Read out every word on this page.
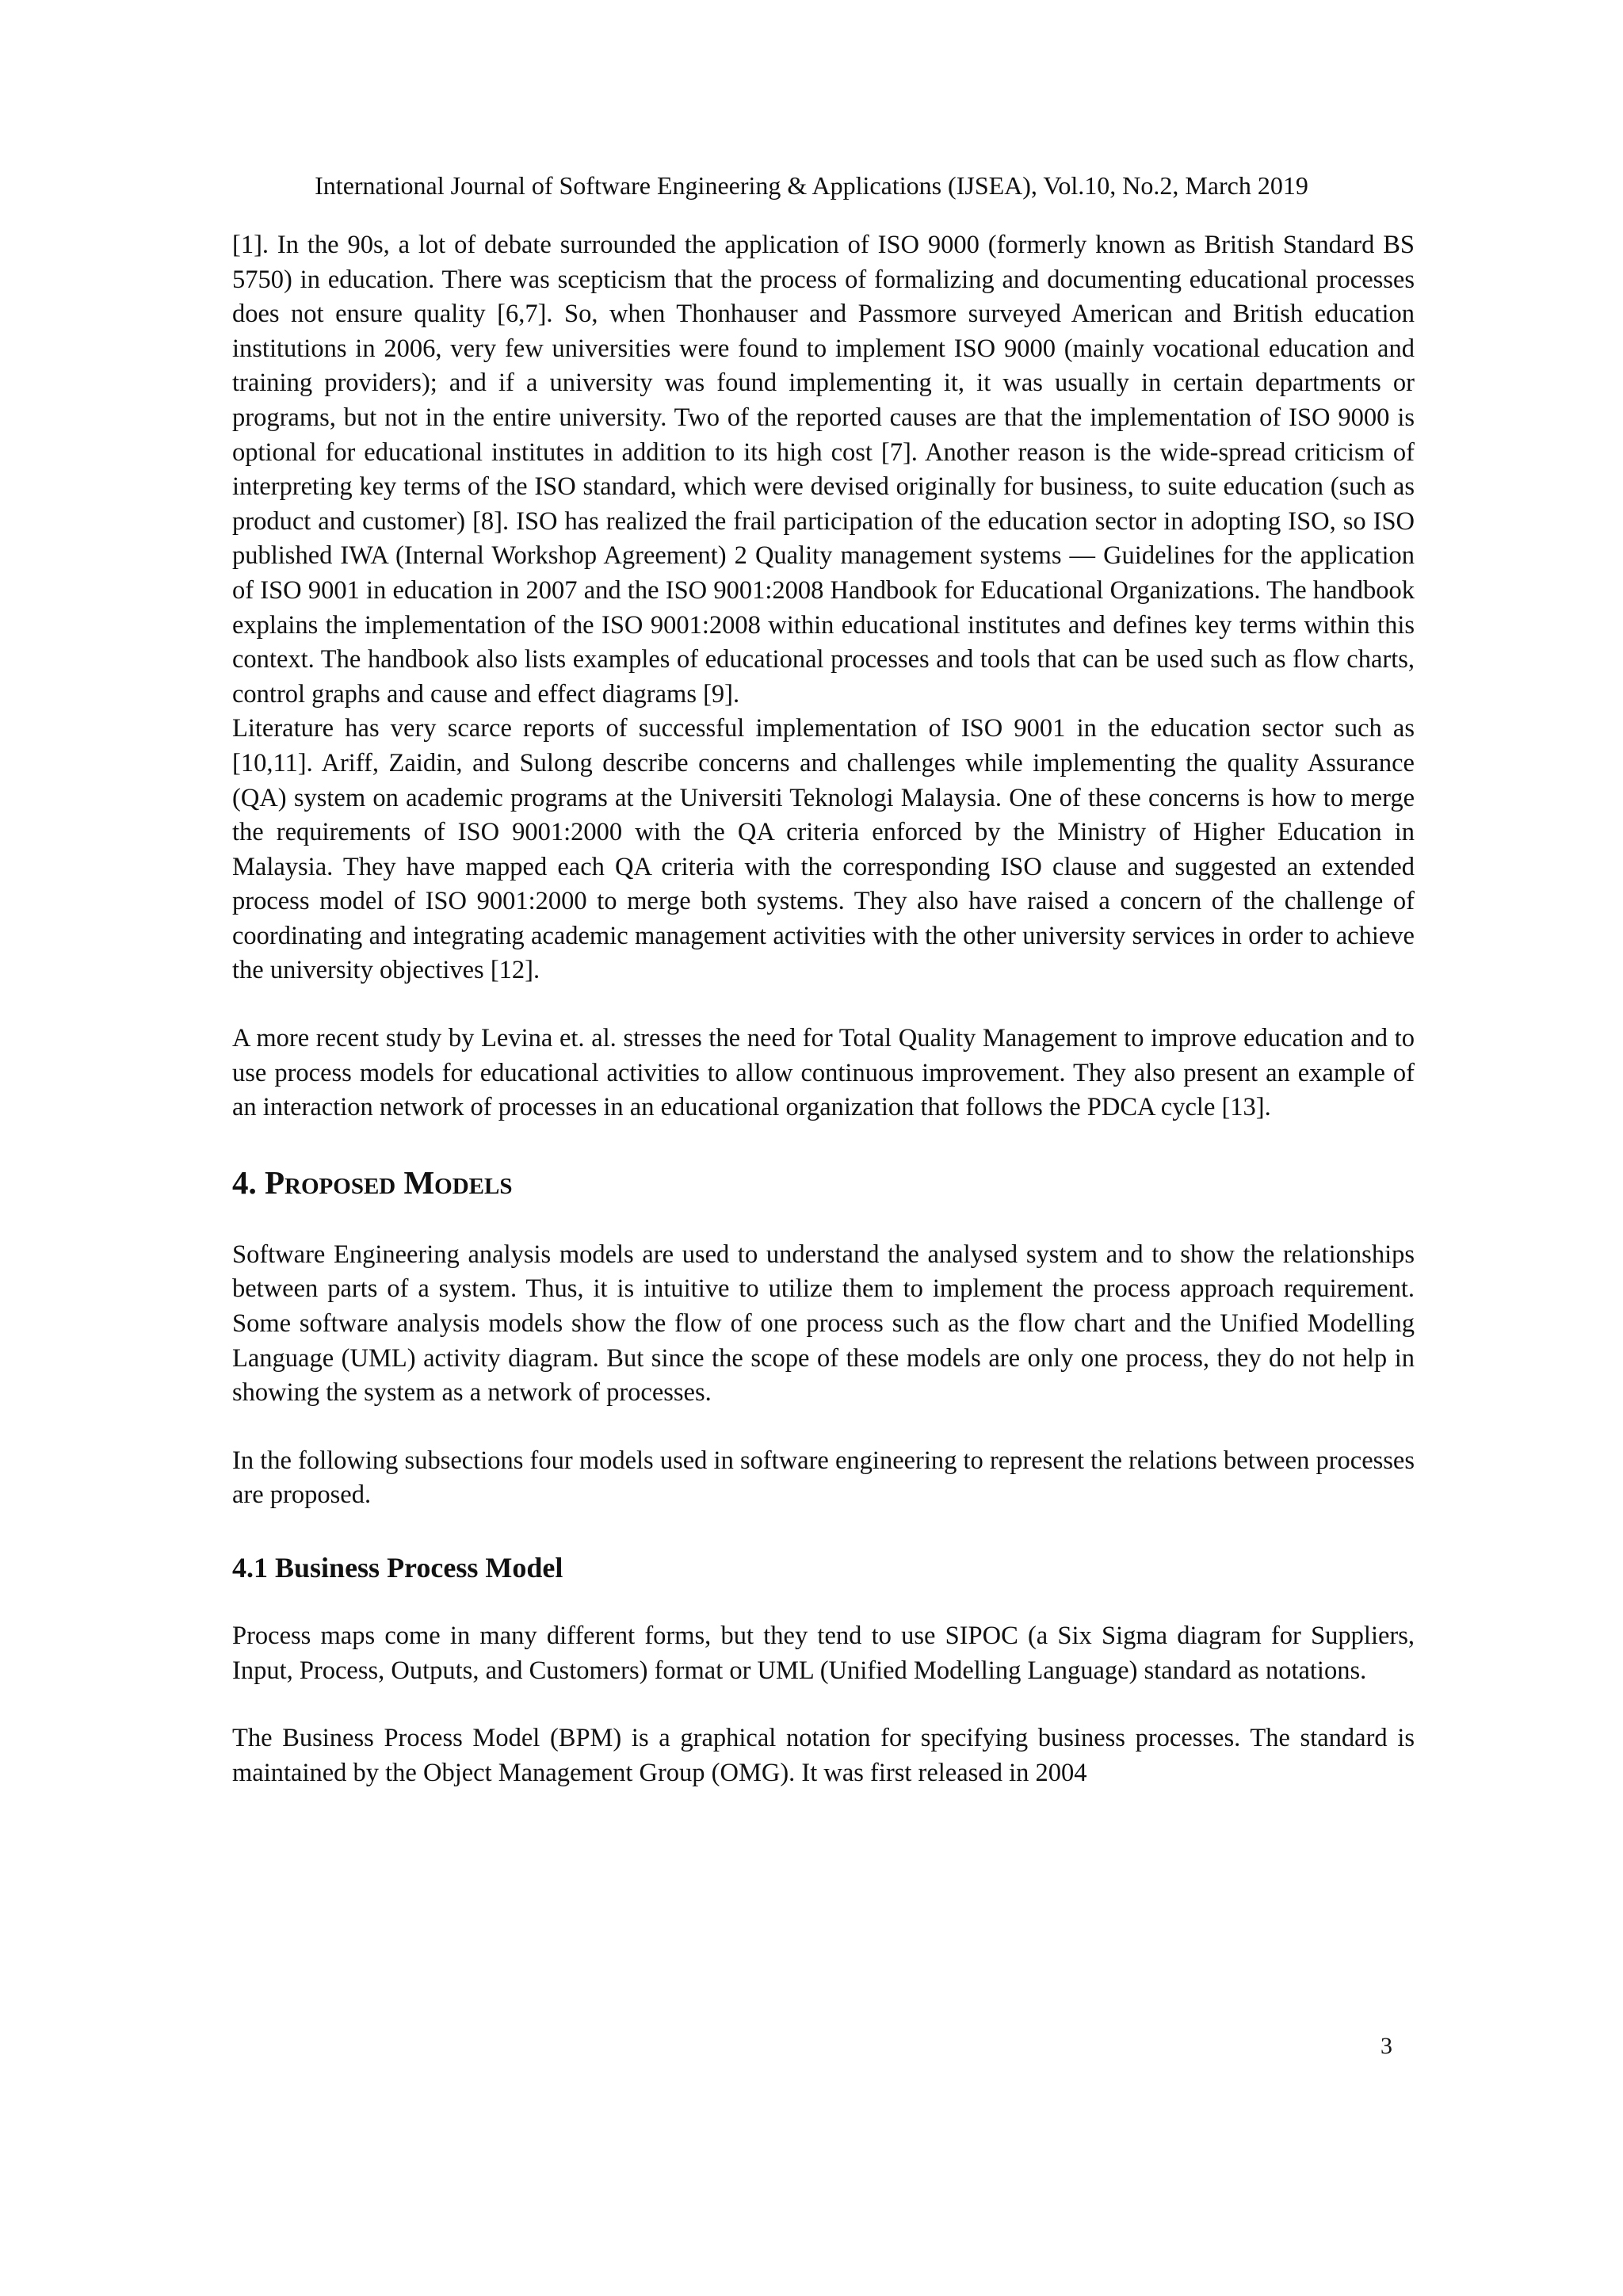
International Journal of Software Engineering & Applications (IJSEA), Vol.10, No.2, March 2019

[1]. In the 90s, a lot of debate surrounded the application of ISO 9000 (formerly known as British Standard BS 5750) in education. There was scepticism that the process of formalizing and documenting educational processes does not ensure quality [6,7]. So, when Thonhauser and Passmore surveyed American and British education institutions in 2006, very few universities were found to implement ISO 9000 (mainly vocational education and training providers); and if a university was found implementing it, it was usually in certain departments or programs, but not in the entire university. Two of the reported causes are that the implementation of ISO 9000 is optional for educational institutes in addition to its high cost [7]. Another reason is the wide-spread criticism of interpreting key terms of the ISO standard, which were devised originally for business, to suite education (such as product and customer) [8]. ISO has realized the frail participation of the education sector in adopting ISO, so ISO published IWA (Internal Workshop Agreement) 2 Quality management systems — Guidelines for the application of ISO 9001 in education in 2007 and the ISO 9001:2008 Handbook for Educational Organizations. The handbook explains the implementation of the ISO 9001:2008 within educational institutes and defines key terms within this context. The handbook also lists examples of educational processes and tools that can be used such as flow charts, control graphs and cause and effect diagrams [9].

Literature has very scarce reports of successful implementation of ISO 9001 in the education sector such as [10,11]. Ariff, Zaidin, and Sulong describe concerns and challenges while implementing the quality Assurance (QA) system on academic programs at the Universiti Teknologi Malaysia. One of these concerns is how to merge the requirements of ISO 9001:2000 with the QA criteria enforced by the Ministry of Higher Education in Malaysia. They have mapped each QA criteria with the corresponding ISO clause and suggested an extended process model of ISO 9001:2000 to merge both systems. They also have raised a concern of the challenge of coordinating and integrating academic management activities with the other university services in order to achieve the university objectives [12].

A more recent study by Levina et. al. stresses the need for Total Quality Management to improve education and to use process models for educational activities to allow continuous improvement. They also present an example of an interaction network of processes in an educational organization that follows the PDCA cycle [13].

4. Proposed Models

Software Engineering analysis models are used to understand the analysed system and to show the relationships between parts of a system. Thus, it is intuitive to utilize them to implement the process approach requirement. Some software analysis models show the flow of one process such as the flow chart and the Unified Modelling Language (UML) activity diagram. But since the scope of these models are only one process, they do not help in showing the system as a network of processes.

In the following subsections four models used in software engineering to represent the relations between processes are proposed.

4.1 Business Process Model

Process maps come in many different forms, but they tend to use SIPOC (a Six Sigma diagram for Suppliers, Input, Process, Outputs, and Customers) format or UML (Unified Modelling Language) standard as notations.

The Business Process Model (BPM) is a graphical notation for specifying business processes. The standard is maintained by the Object Management Group (OMG). It was first released in 2004

3
